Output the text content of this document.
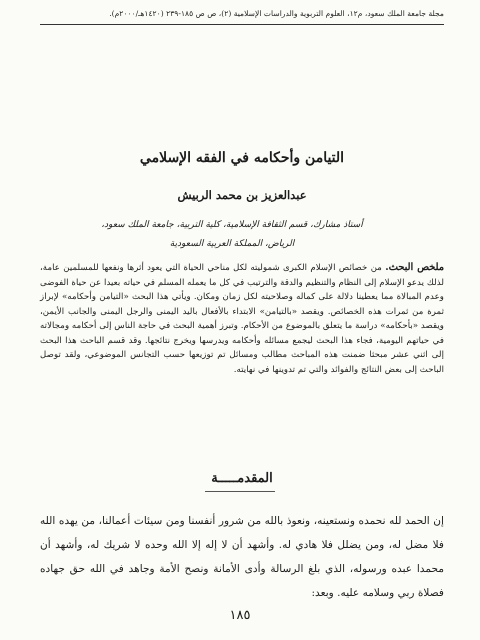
مجلة جامعة الملك سعود، م١٢، العلوم التربوية والدراسات الإسلامية (٢)، ص ص ١٨٥-٢٣٩ (١٤٢٠هـ/٢٠٠٠م).
التيامن وأحكامه في الفقه الإسلامي
عبدالعزيز بن محمد الربيش
أستاذ مشارك، قسم الثقافة الإسلامية، كلية التربية، جامعة الملك سعود،
الرياض، المملكة العربية السعودية
ملخص البحث. من خصائص الإسلام الكبرى شموليته لكل مناحي الحياة التي يعود أثرها ونفعها للمسلمين عامة، لذلك يدعو الإسلام إلى النظام والتنظيم والدقة والترتيب في كل ما يعمله المسلم في حياته بعيدا عن حياة الفوضى وعدم المبالاة مما يعطينا دلالة على كماله وصلاحيته لكل زمان ومكان. ويأتي هذا البحث «التيامن وأحكامه» لإبراز ثمرة من ثمرات هذه الخصائص. ويقصد «بالتيامن» الابتداء بالأفعال باليد اليمنى والرجل اليمنى والجانب الأيمن، ويقصد «بأحكامه» دراسة ما يتعلق بالموضوع من الأحكام. وتبرز أهمية البحث في حاجة الناس إلى أحكامه ومجالاته في حياتهم اليومية، فجاء هذا البحث ليجمع مسائله وأحكامه ويدرسها ويخرج نتائجها. وقد قسم الباحث هذا البحث إلى اثني عشر مبحثا ضمنت هذه المباحث مطالب ومسائل تم توزيعها حسب التجانس الموضوعي، ولقد توصل الباحث إلى بعض النتائج والفوائد والتي تم تدوينها في نهايته.
المقدمـــــة

إن الحمد لله نحمده ونستعينه، ونعوذ بالله من شرور أنفسنا ومن سيئات أعمالنا، من يهده الله فلا مضل له، ومن يضلل فلا هادي له. وأشهد أن لا إله إلا الله وحده لا شريك له، وأشهد أن محمدا عبده ورسوله، الذي بلغ الرسالة وأدى الأمانة ونصح الأمة وجاهد في الله حق جهاده فصلاة ربي وسلامه عليه. وبعد:

١٨٥
